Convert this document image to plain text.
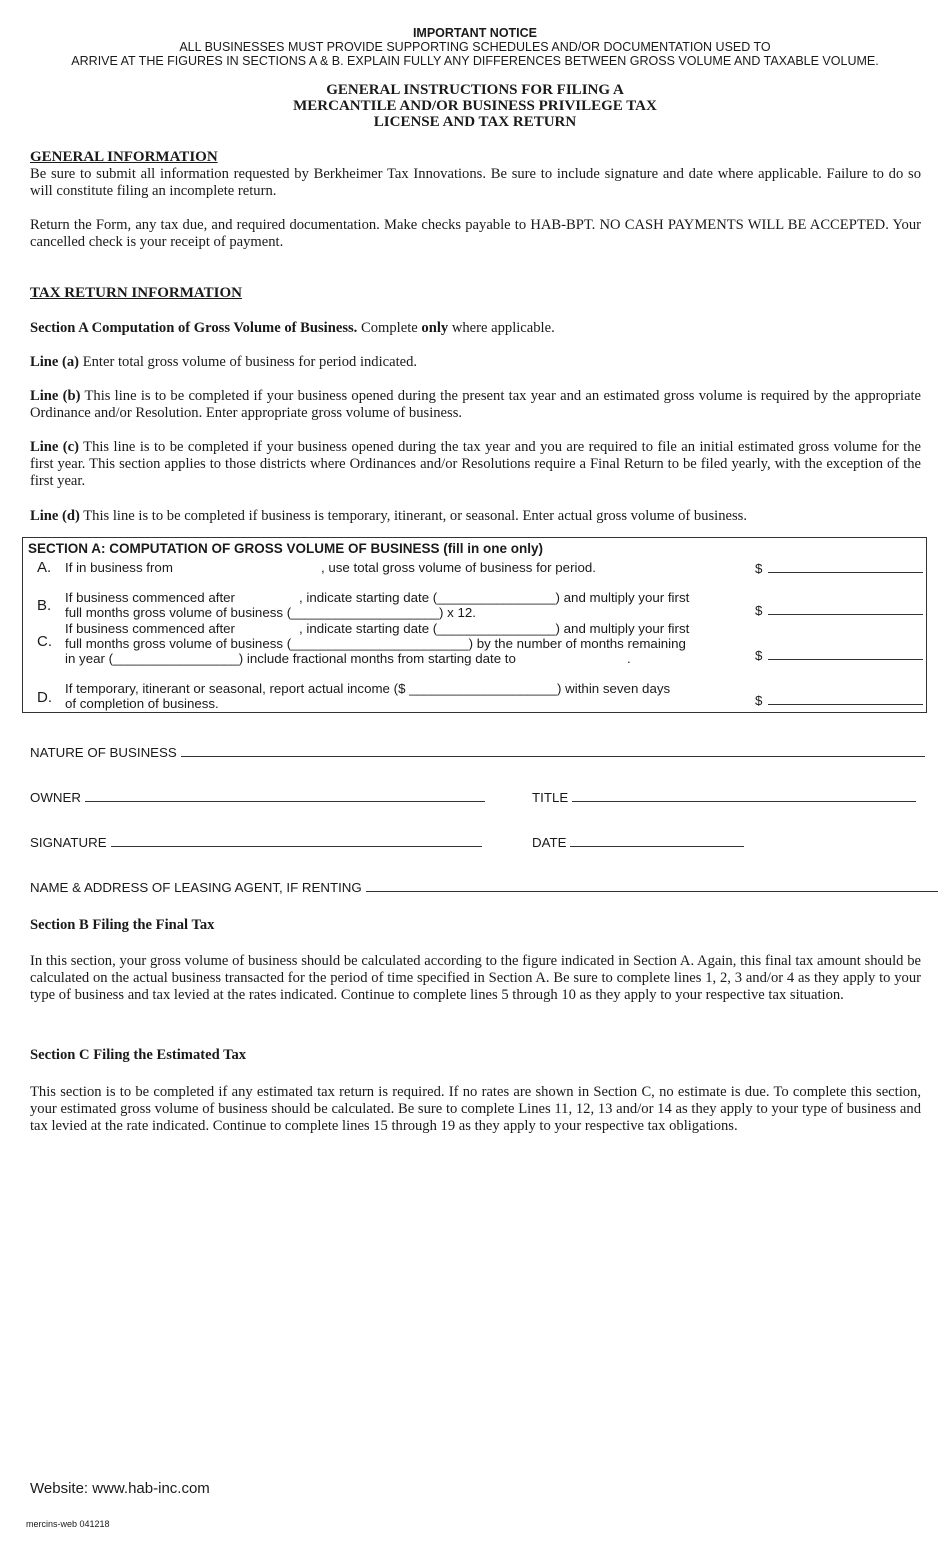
IMPORTANT NOTICE
ALL BUSINESSES MUST PROVIDE SUPPORTING SCHEDULES AND/OR DOCUMENTATION USED TO
ARRIVE AT THE FIGURES IN SECTIONS A & B. EXPLAIN FULLY ANY DIFFERENCES BETWEEN GROSS VOLUME AND TAXABLE VOLUME.
GENERAL INSTRUCTIONS FOR FILING A
MERCANTILE AND/OR BUSINESS PRIVILEGE TAX
LICENSE AND TAX RETURN
GENERAL INFORMATION
Be sure to submit all information requested by Berkheimer Tax Innovations. Be sure to include signature and date where applicable. Failure to do so will constitute filing an incomplete return.
Return the Form, any tax due, and required documentation. Make checks payable to HAB-BPT. NO CASH PAYMENTS WILL BE ACCEPTED. Your cancelled check is your receipt of payment.
TAX RETURN INFORMATION
Section A Computation of Gross Volume of Business. Complete only where applicable.
Line (a) Enter total gross volume of business for period indicated.
Line (b) This line is to be completed if your business opened during the present tax year and an estimated gross volume is required by the appropriate Ordinance and/or Resolution. Enter appropriate gross volume of business.
Line (c) This line is to be completed if your business opened during the tax year and you are required to file an initial estimated gross volume for the first year. This section applies to those districts where Ordinances and/or Resolutions require a Final Return to be filed yearly, with the exception of the first year.
Line (d) This line is to be completed if business is temporary, itinerant, or seasonal. Enter actual gross volume of business.
SECTION A: COMPUTATION OF GROSS VOLUME OF BUSINESS (fill in one only)
A. If in business from	, use total gross volume of business for period.	$
B. If business commenced after	, indicate starting date (________________) and multiply your first
full months gross volume of business (____________________) x 12.	$
C.
If business commenced after	, indicate starting date (________________) and multiply your first
full months gross volume of business (________________________) by the number of months remaining
in year (_________________) include fractional months from starting date to	.	$
D.
If temporary, itinerant or seasonal, report actual income ($ ____________________) within seven days
of completion of business.	$
NATURE OF BUSINESS
OWNER	TITLE
SIGNATURE	DATE
NAME & ADDRESS OF LEASING AGENT, IF RENTING
Section B Filing the Final Tax
In this section, your gross volume of business should be calculated according to the figure indicated in Section A. Again, this final tax amount should be calculated on the actual business transacted for the period of time specified in Section A. Be sure to complete lines 1, 2, 3 and/or 4 as they apply to your type of business and tax levied at the rates indicated. Continue to complete lines 5 through 10 as they apply to your respective tax situation.
Section C Filing the Estimated Tax
This section is to be completed if any estimated tax return is required. If no rates are shown in Section C, no estimate is due. To complete this section, your estimated gross volume of business should be calculated. Be sure to complete Lines 11, 12, 13 and/or 14 as they apply to your type of business and tax levied at the rate indicated. Continue to complete lines 15 through 19 as they apply to your respective tax obligations.
Website: www.hab-inc.com
mercins-web 041218
